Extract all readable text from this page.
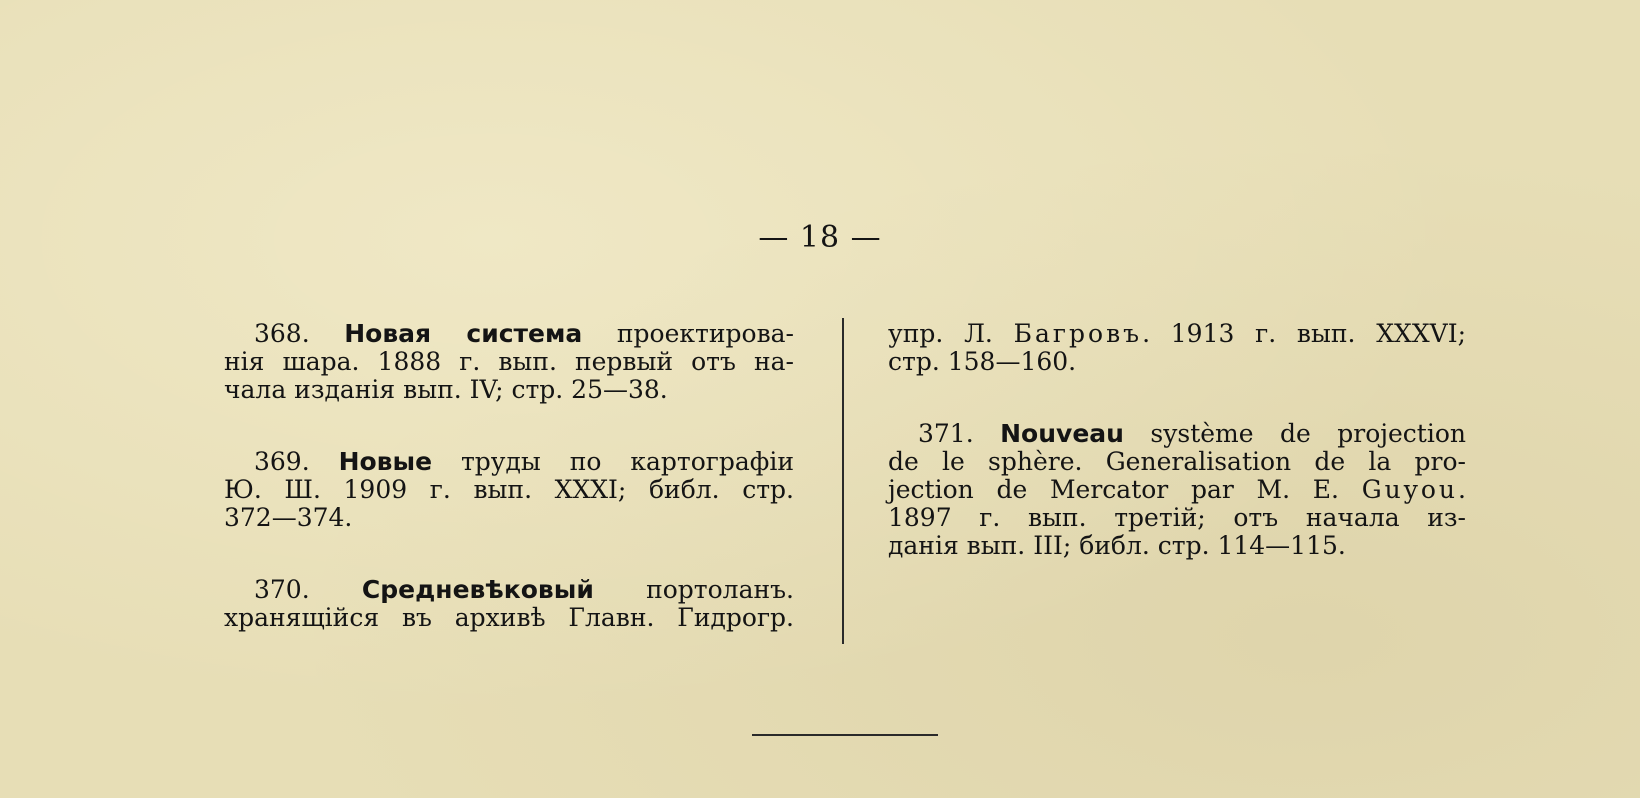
— 18 —
368. Новая система проектирова-
нія шара. 1888 г. вып. первый отъ на-
чала изданія вып. IV; стр. 25—38.
369. Новые труды по картографіи
Ю. Ш. 1909 г. вып. XXXI; библ. стр.
372—374.
370. Средневѣковый портоланъ.
хранящійся въ архивѣ Главн. Гидрогр.
упр. Л. Багровъ. 1913 г. вып. XXXVI;
стр. 158—160.
371. Nouveau système de projection
de le sphère. Generalisation de la pro-
jection de Mercator par M. E. Guyou.
1897 г. вып. третій; отъ начала из-
данія вып. III; библ. стр. 114—115.
